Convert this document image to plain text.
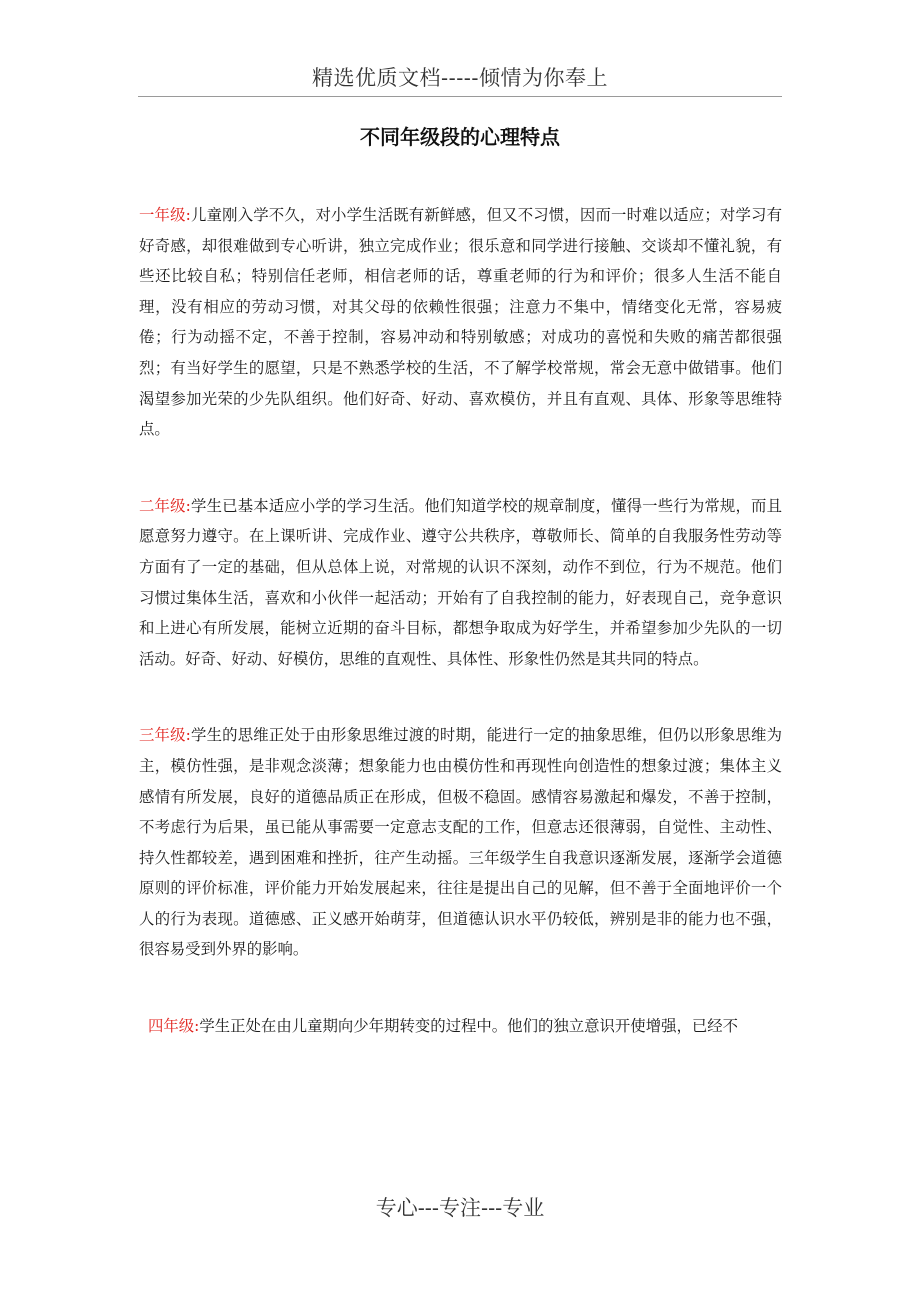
精选优质文档-----倾情为你奉上
不同年级段的心理特点

一年级:儿童刚入学不久，对小学生活既有新鲜感，但又不习惯，因而一时难以适应；对学习有好奇感，却很难做到专心听讲，独立完成作业；很乐意和同学进行接触、交谈却不懂礼貌，有些还比较自私；特别信任老师，相信老师的话，尊重老师的行为和评价；很多人生活不能自理，没有相应的劳动习惯，对其父母的依赖性很强；注意力不集中，情绪变化无常，容易疲倦；行为动摇不定，不善于控制，容易冲动和特别敏感；对成功的喜悦和失败的痛苦都很强烈；有当好学生的愿望，只是不熟悉学校的生活，不了解学校常规，常会无意中做错事。他们渴望参加光荣的少先队组织。他们好奇、好动、喜欢模仿，并且有直观、具体、形象等思维特点。

二年级:学生已基本适应小学的学习生活。他们知道学校的规章制度，懂得一些行为常规，而且愿意努力遵守。在上课听讲、完成作业、遵守公共秩序，尊敬师长、简单的自我服务性劳动等方面有了一定的基础，但从总体上说，对常规的认识不深刻，动作不到位，行为不规范。他们习惯过集体生活，喜欢和小伙伴一起活动；开始有了自我控制的能力，好表现自己，竞争意识和上进心有所发展，能树立近期的奋斗目标，都想争取成为好学生，并希望参加少先队的一切活动。好奇、好动、好模仿，思维的直观性、具体性、形象性仍然是其共同的特点。

三年级:学生的思维正处于由形象思维过渡的时期，能进行一定的抽象思维，但仍以形象思维为主，模仿性强，是非观念淡薄；想象能力也由模仿性和再现性向创造性的想象过渡；集体主义感情有所发展，良好的道德品质正在形成，但极不稳固。感情容易激起和爆发，不善于控制，不考虑行为后果，虽已能从事需要一定意志支配的工作，但意志还很薄弱，自觉性、主动性、持久性都较差，遇到困难和挫折，往产生动摇。三年级学生自我意识逐渐发展，逐渐学会道德原则的评价标准，评价能力开始发展起来，往往是提出自己的见解，但不善于全面地评价一个人的行为表现。道德感、正义感开始萌芽，但道德认识水平仍较低，辨别是非的能力也不强，很容易受到外界的影响。

四年级:学生正处在由儿童期向少年期转变的过程中。他们的独立意识开使增强，已经不

专心---专注---专业
